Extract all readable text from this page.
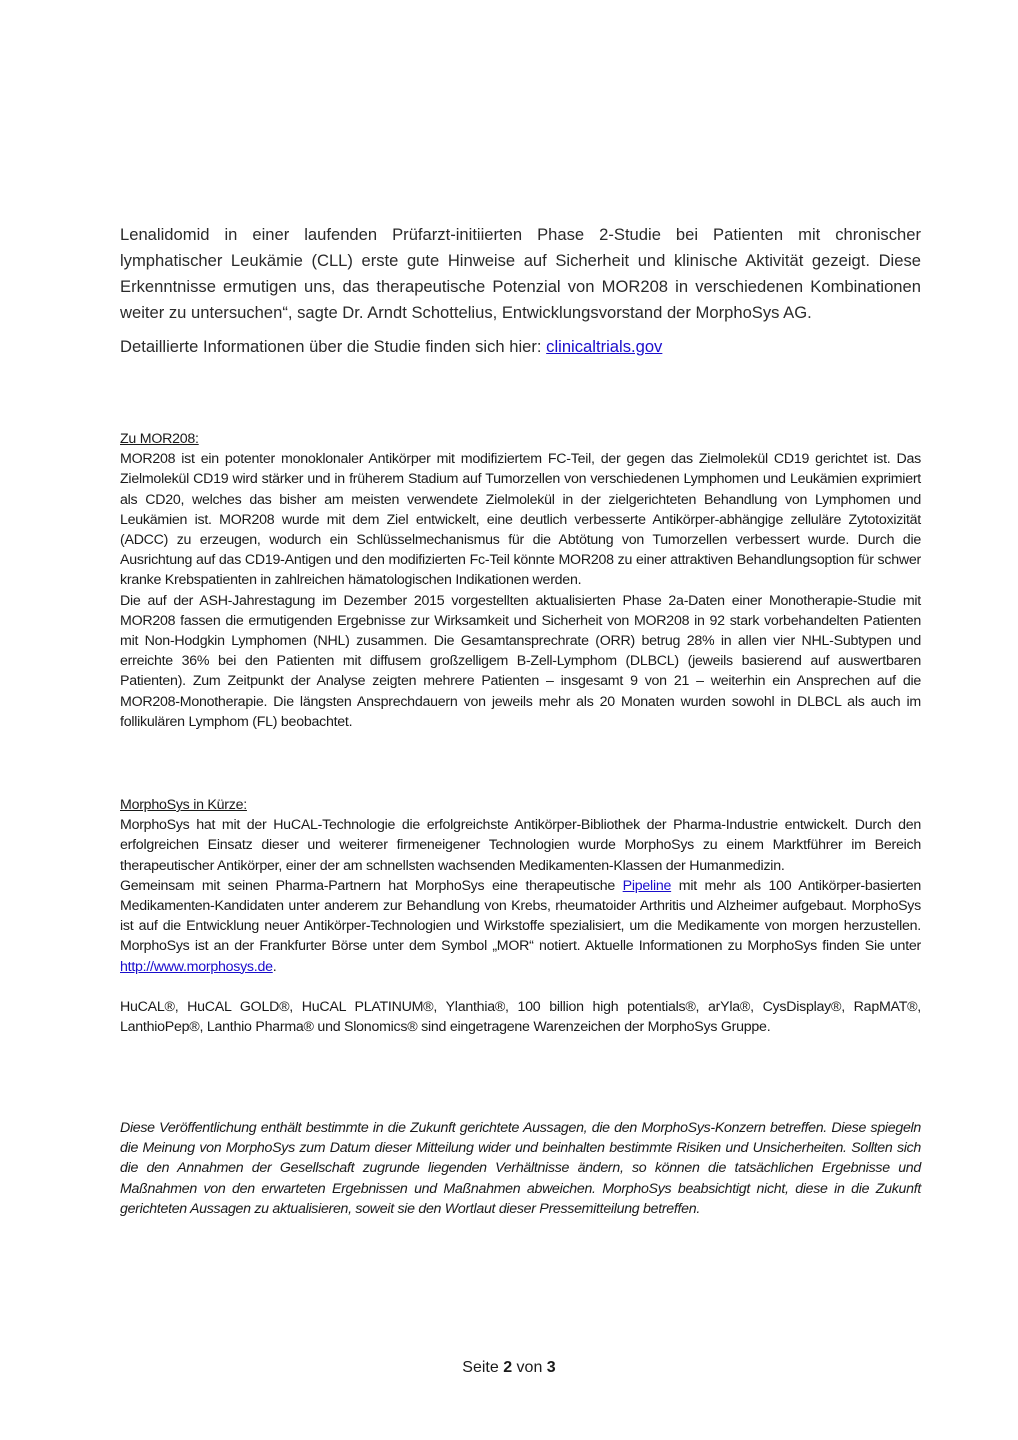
Lenalidomid in einer laufenden Prüfarzt-initiierten Phase 2-Studie bei Patienten mit chronischer lymphatischer Leukämie (CLL) erste gute Hinweise auf Sicherheit und klinische Aktivität gezeigt. Diese Erkenntnisse ermutigen uns, das therapeutische Potenzial von MOR208 in verschiedenen Kombinationen weiter zu untersuchen“, sagte Dr. Arndt Schottelius, Entwicklungsvorstand der MorphoSys AG.

Detaillierte Informationen über die Studie finden sich hier: clinicaltrials.gov

Zu MOR208:

MOR208 ist ein potenter monoklonaler Antikörper mit modifiziertem FC-Teil, der gegen das Zielmolekül CD19 gerichtet ist. Das Zielmolekül CD19 wird stärker und in früherem Stadium auf Tumorzellen von verschiedenen Lymphomen und Leukämien exprimiert als CD20, welches das bisher am meisten verwendete Zielmolekül in der zielgerichteten Behandlung von Lymphomen und Leukämien ist. MOR208 wurde mit dem Ziel entwickelt, eine deutlich verbesserte Antikörper-abhängige zelluläre Zytotoxizität (ADCC) zu erzeugen, wodurch ein Schlüsselmechanismus für die Abtötung von Tumorzellen verbessert wurde. Durch die Ausrichtung auf das CD19-Antigen und den modifizierten Fc-Teil könnte MOR208 zu einer attraktiven Behandlungsoption für schwer kranke Krebspatienten in zahlreichen hämatologischen Indikationen werden.

Die auf der ASH-Jahrestagung im Dezember 2015 vorgestellten aktualisierten Phase 2a-Daten einer Monotherapie-Studie mit MOR208 fassen die ermutigenden Ergebnisse zur Wirksamkeit und Sicherheit von MOR208 in 92 stark vorbehandelten Patienten mit Non-Hodgkin Lymphomen (NHL) zusammen. Die Gesamtansprechrate (ORR) betrug 28% in allen vier NHL-Subtypen und erreichte 36% bei den Patienten mit diffusem großzelligem B-Zell-Lymphom (DLBCL) (jeweils basierend auf auswertbaren Patienten). Zum Zeitpunkt der Analyse zeigten mehrere Patienten – insgesamt 9 von 21 – weiterhin ein Ansprechen auf die MOR208-Monotherapie. Die längsten Ansprechdauern von jeweils mehr als 20 Monaten wurden sowohl in DLBCL als auch im follikulären Lymphom (FL) beobachtet.

MorphoSys in Kürze:

MorphoSys hat mit der HuCAL-Technologie die erfolgreichste Antikörper-Bibliothek der Pharma-Industrie entwickelt. Durch den erfolgreichen Einsatz dieser und weiterer firmeneigener Technologien wurde MorphoSys zu einem Marktführer im Bereich therapeutischer Antikörper, einer der am schnellsten wachsenden Medikamenten-Klassen der Humanmedizin.

Gemeinsam mit seinen Pharma-Partnern hat MorphoSys eine therapeutische Pipeline mit mehr als 100 Antikörper-basierten Medikamenten-Kandidaten unter anderem zur Behandlung von Krebs, rheumatoider Arthritis und Alzheimer aufgebaut. MorphoSys ist auf die Entwicklung neuer Antikörper-Technologien und Wirkstoffe spezialisiert, um die Medikamente von morgen herzustellen. MorphoSys ist an der Frankfurter Börse unter dem Symbol „MOR“ notiert. Aktuelle Informationen zu MorphoSys finden Sie unter http://www.morphosys.de.

HuCAL®, HuCAL GOLD®, HuCAL PLATINUM®, Ylanthia®, 100 billion high potentials®, arYla®, CysDisplay®, RapMAT®, LanthioPep®, Lanthio Pharma® und Slonomics® sind eingetragene Warenzeichen der MorphoSys Gruppe.

Diese Veröffentlichung enthält bestimmte in die Zukunft gerichtete Aussagen, die den MorphoSys-Konzern betreffen. Diese spiegeln die Meinung von MorphoSys zum Datum dieser Mitteilung wider und beinhalten bestimmte Risiken und Unsicherheiten. Sollten sich die den Annahmen der Gesellschaft zugrunde liegenden Verhältnisse ändern, so können die tatsächlichen Ergebnisse und Maßnahmen von den erwarteten Ergebnissen und Maßnahmen abweichen. MorphoSys beabsichtigt nicht, diese in die Zukunft gerichteten Aussagen zu aktualisieren, soweit sie den Wortlaut dieser Pressemitteilung betreffen.

Seite 2 von 3
